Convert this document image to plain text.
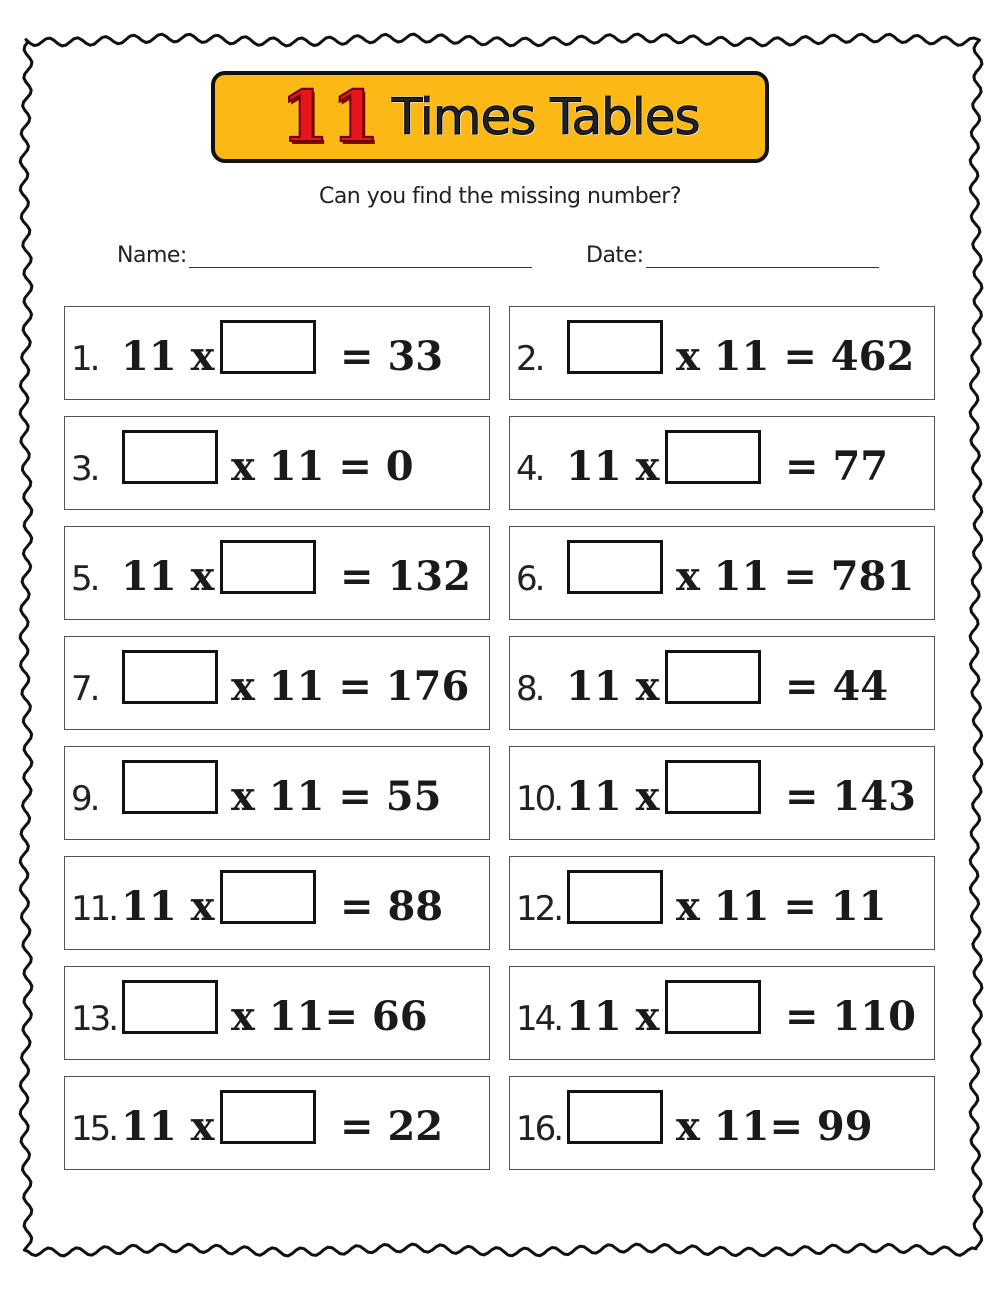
11 Times Tables
Can you find the missing number?
Name:	Date:
1. 11 x	= 33 2.	x 11 = 462
3.	x 11 = 0	4. 11 x	= 77
5. 11 x	= 132 6.	x 11 = 781
7.	x 11 = 176 8. 11 x	= 44
9.	x 11 = 55 10. 11 x	= 143
11. 11 x	= 88 12.	x 11 = 11
13.	x 11= 66	14. 11 x	= 110
15. 11 x	= 22 16.	x 11= 99
